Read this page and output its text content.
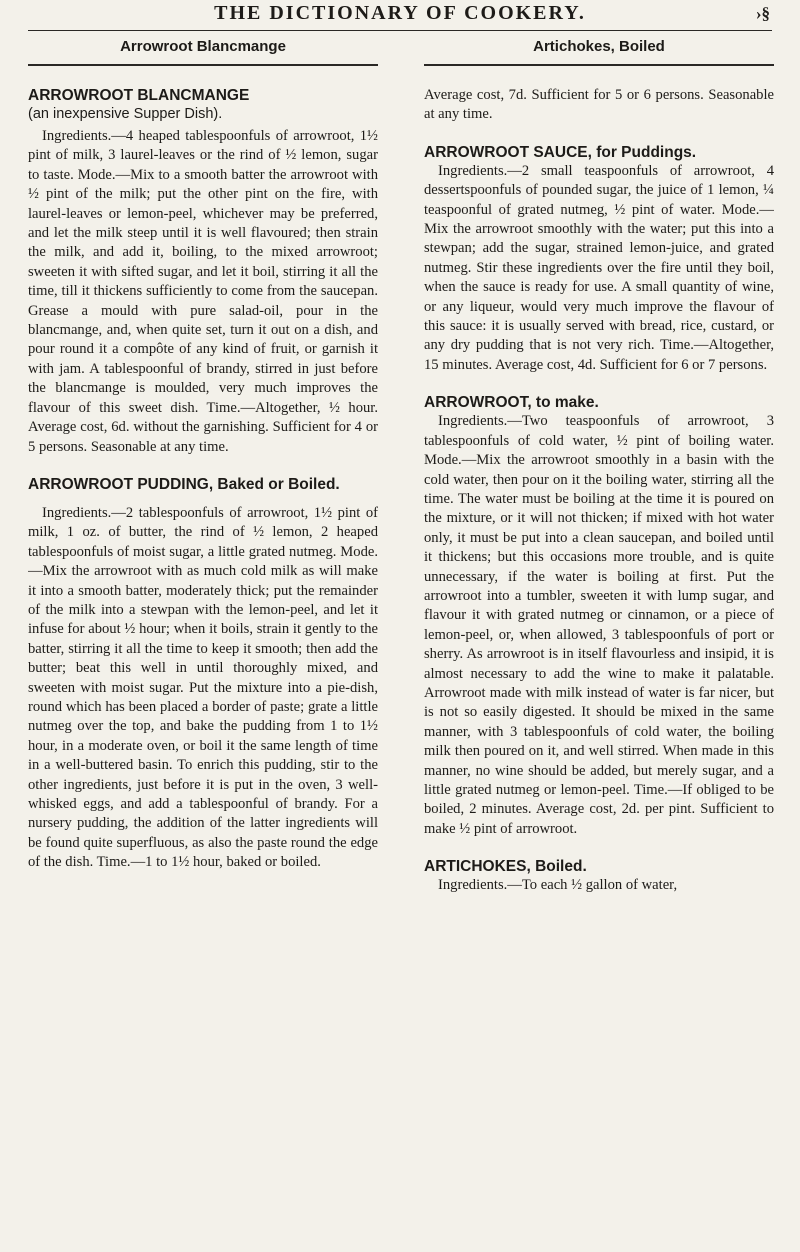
THE DICTIONARY OF COOKERY.	›§
Arrowroot Blancmange
ARROWROOT BLANCMANGE
(an inexpensive Supper Dish).

Ingredients.—4 heaped tablespoonfuls of arrowroot, 1½ pint of milk, 3 laurel-leaves or the rind of ½ lemon, sugar to taste. Mode.—Mix to a smooth batter the arrowroot with ½ pint of the milk; put the other pint on the fire, with laurel-leaves or lemon-peel, whichever may be preferred, and let the milk steep until it is well flavoured; then strain the milk, and add it, boiling, to the mixed arrowroot; sweeten it with sifted sugar, and let it boil, stirring it all the time, till it thickens sufficiently to come from the saucepan. Grease a mould with pure salad-oil, pour in the blancmange, and, when quite set, turn it out on a dish, and pour round it a compôte of any kind of fruit, or garnish it with jam. A tablespoonful of brandy, stirred in just before the blancmange is moulded, very much improves the flavour of this sweet dish. Time.—Altogether, ½ hour. Average cost, 6d. without the garnishing. Sufficient for 4 or 5 persons. Seasonable at any time.

ARROWROOT PUDDING, Baked or Boiled.

Ingredients.—2 tablespoonfuls of arrowroot, 1½ pint of milk, 1 oz. of butter, the rind of ½ lemon, 2 heaped tablespoonfuls of moist sugar, a little grated nutmeg. Mode.—Mix the arrowroot with as much cold milk as will make it into a smooth batter, moderately thick; put the remainder of the milk into a stewpan with the lemon-peel, and let it infuse for about ½ hour; when it boils, strain it gently to the batter, stirring it all the time to keep it smooth; then add the butter; beat this well in until thoroughly mixed, and sweeten with moist sugar. Put the mixture into a pie-dish, round which has been placed a border of paste; grate a little nutmeg over the top, and bake the pudding from 1 to 1½ hour, in a moderate oven, or boil it the same length of time in a well-buttered basin. To enrich this pudding, stir to the other ingredients, just before it is put in the oven, 3 well-whisked eggs, and add a tablespoonful of brandy. For a nursery pudding, the addition of the latter ingredients will be found quite superfluous, as also the paste round the edge of the dish. Time.—1 to 1½ hour, baked or boiled.

Artichokes, Boiled

Average cost, 7d. Sufficient for 5 or 6 persons. Seasonable at any time.

ARROWROOT SAUCE, for Puddings.

Ingredients.—2 small teaspoonfuls of arrowroot, 4 dessertspoonfuls of pounded sugar, the juice of 1 lemon, ¼ teaspoonful of grated nutmeg, ½ pint of water. Mode.—Mix the arrowroot smoothly with the water; put this into a stewpan; add the sugar, strained lemon-juice, and grated nutmeg. Stir these ingredients over the fire until they boil, when the sauce is ready for use. A small quantity of wine, or any liqueur, would very much improve the flavour of this sauce: it is usually served with bread, rice, custard, or any dry pudding that is not very rich. Time.—Altogether, 15 minutes. Average cost, 4d. Sufficient for 6 or 7 persons.

ARROWROOT, to make.

Ingredients.—Two teaspoonfuls of arrowroot, 3 tablespoonfuls of cold water, ½ pint of boiling water. Mode.—Mix the arrowroot smoothly in a basin with the cold water, then pour on it the boiling water, stirring all the time. The water must be boiling at the time it is poured on the mixture, or it will not thicken; if mixed with hot water only, it must be put into a clean saucepan, and boiled until it thickens; but this occasions more trouble, and is quite unnecessary, if the water is boiling at first. Put the arrowroot into a tumbler, sweeten it with lump sugar, and flavour it with grated nutmeg or cinnamon, or a piece of lemon-peel, or, when allowed, 3 tablespoonfuls of port or sherry. As arrowroot is in itself flavourless and insipid, it is almost necessary to add the wine to make it palatable. Arrowroot made with milk instead of water is far nicer, but is not so easily digested. It should be mixed in the same manner, with 3 tablespoonfuls of cold water, the boiling milk then poured on it, and well stirred. When made in this manner, no wine should be added, but merely sugar, and a little grated nutmeg or lemon-peel. Time.—If obliged to be boiled, 2 minutes. Average cost, 2d. per pint. Sufficient to make ½ pint of arrowroot.

ARTICHOKES, Boiled.

Ingredients.—To each ½ gallon of water,
